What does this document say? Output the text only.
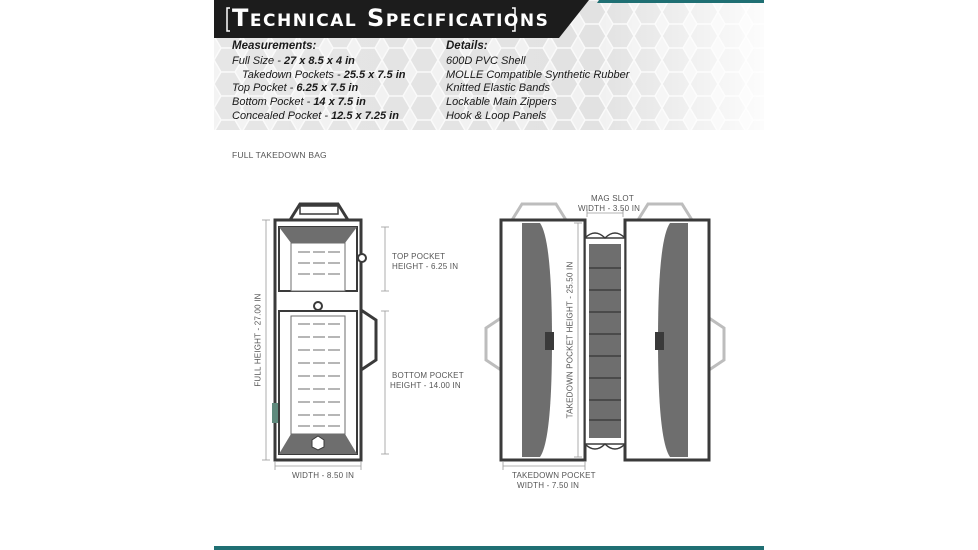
Technical Specifications
Measurements:
Full Size - 27 x 8.5 x 4 in
Takedown Pockets - 25.5 x 7.5 in
Top Pocket - 6.25 x 7.5 in
Bottom Pocket - 14 x 7.5 in
Concealed Pocket - 12.5 x 7.25 in
Details:
600D PVC Shell
MOLLE Compatible Synthetic Rubber
Knitted Elastic Bands
Lockable Main Zippers
Hook & Loop Panels
FULL TAKEDOWN BAG
FULL HEIGHT - 27.00 IN
TOP POCKET
HEIGHT - 6.25 IN
BOTTOM POCKET
HEIGHT - 14.00 IN
WIDTH - 8.50 IN
MAG SLOT
WIDTH - 3.50 IN
TAKEDOWN POCKET HEIGHT - 25.50 IN
TAKEDOWN POCKET
WIDTH - 7.50 IN
